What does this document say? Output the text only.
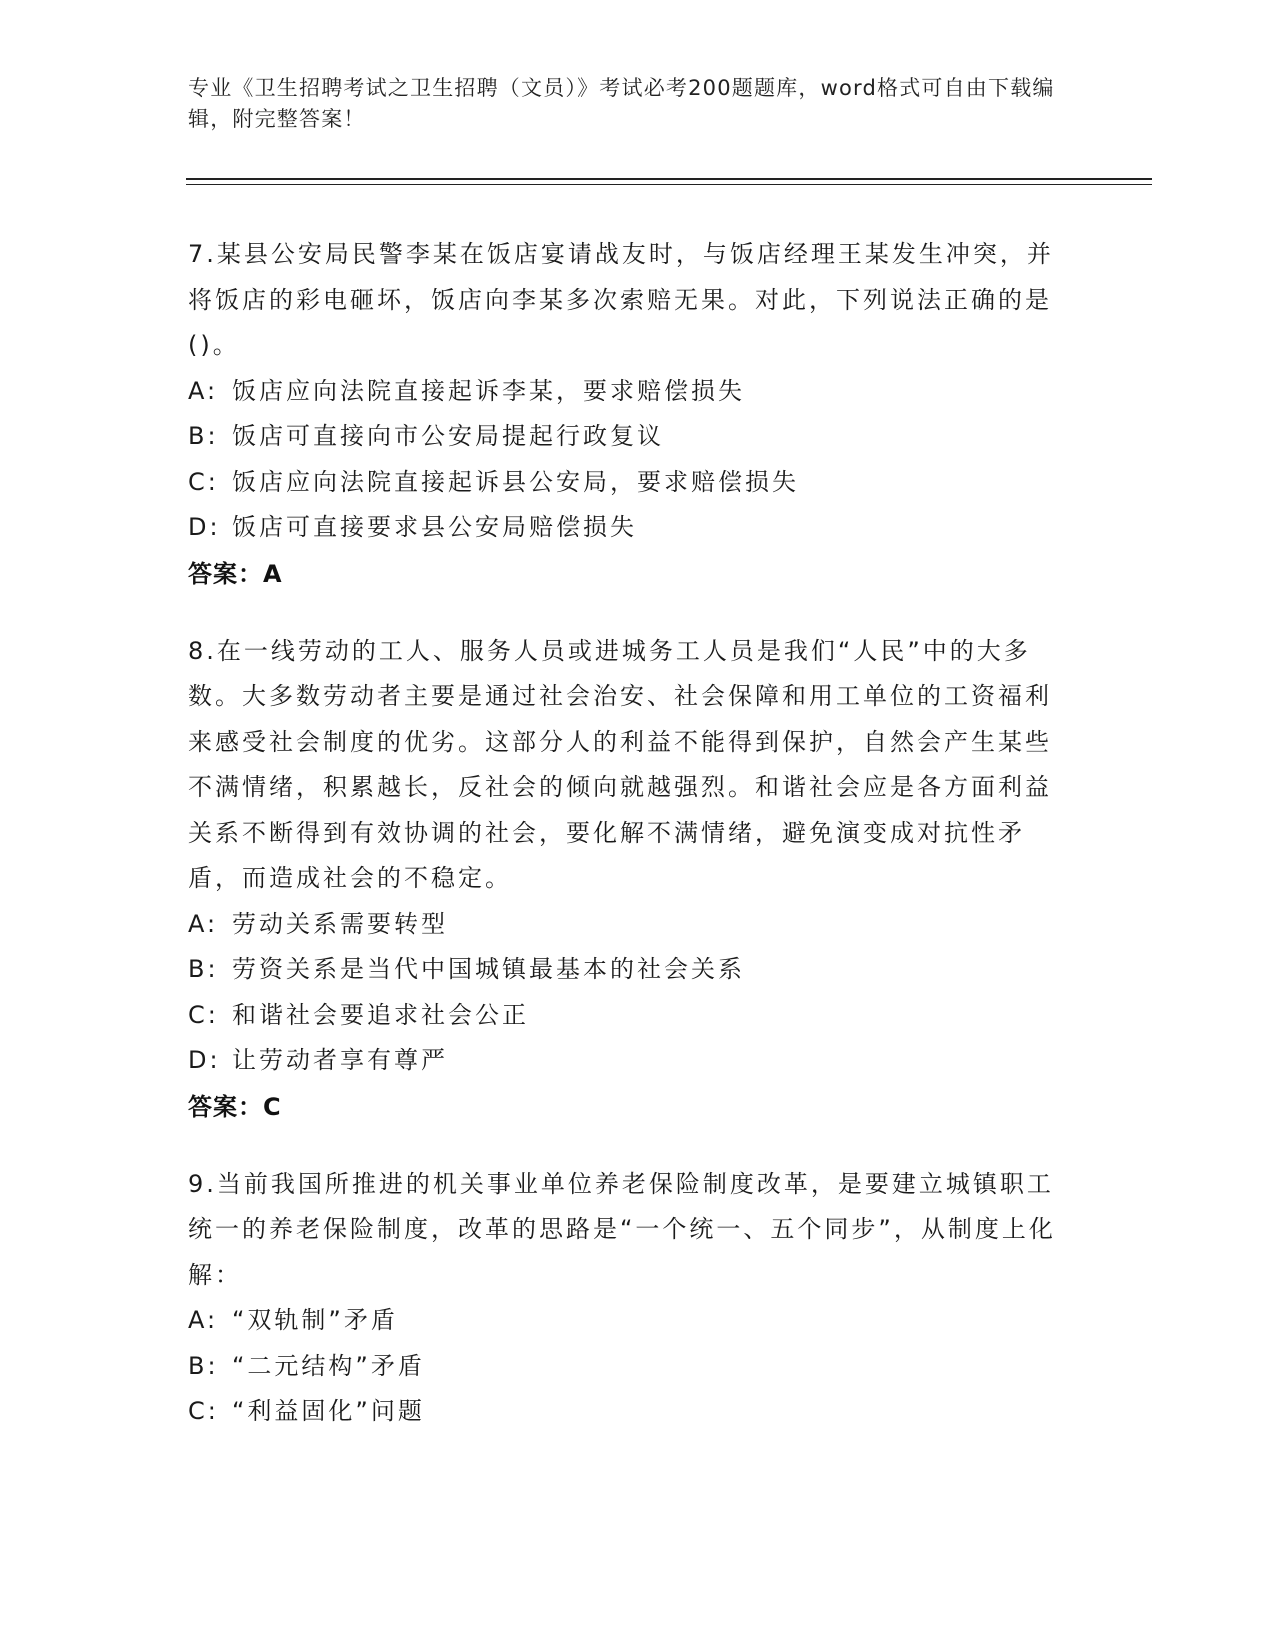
专业《卫生招聘考试之卫生招聘（文员）》考试必考200题题库，word格式可自由下载编辑，附完整答案！
7.某县公安局民警李某在饭店宴请战友时，与饭店经理王某发生冲突，并将饭店的彩电砸坏，饭店向李某多次索赔无果。对此，下列说法正确的是()。
A: 饭店应向法院直接起诉李某，要求赔偿损失
B: 饭店可直接向市公安局提起行政复议
C: 饭店应向法院直接起诉县公安局，要求赔偿损失
D: 饭店可直接要求县公安局赔偿损失
答案：A
8.在一线劳动的工人、服务人员或进城务工人员是我们“人民”中的大多数。大多数劳动者主要是通过社会治安、社会保障和用工单位的工资福利来感受社会制度的优劣。这部分人的利益不能得到保护，自然会产生某些不满情绪，积累越长，反社会的倾向就越强烈。和谐社会应是各方面利益关系不断得到有效协调的社会，要化解不满情绪，避免演变成对抗性矛盾，而造成社会的不稳定。
A: 劳动关系需要转型
B: 劳资关系是当代中国城镇最基本的社会关系
C: 和谐社会要追求社会公正
D: 让劳动者享有尊严
答案：C
9.当前我国所推进的机关事业单位养老保险制度改革，是要建立城镇职工统一的养老保险制度，改革的思路是“一个统一、五个同步”，从制度上化解：
A: “双轨制”矛盾
B: “二元结构”矛盾
C: “利益固化”问题
